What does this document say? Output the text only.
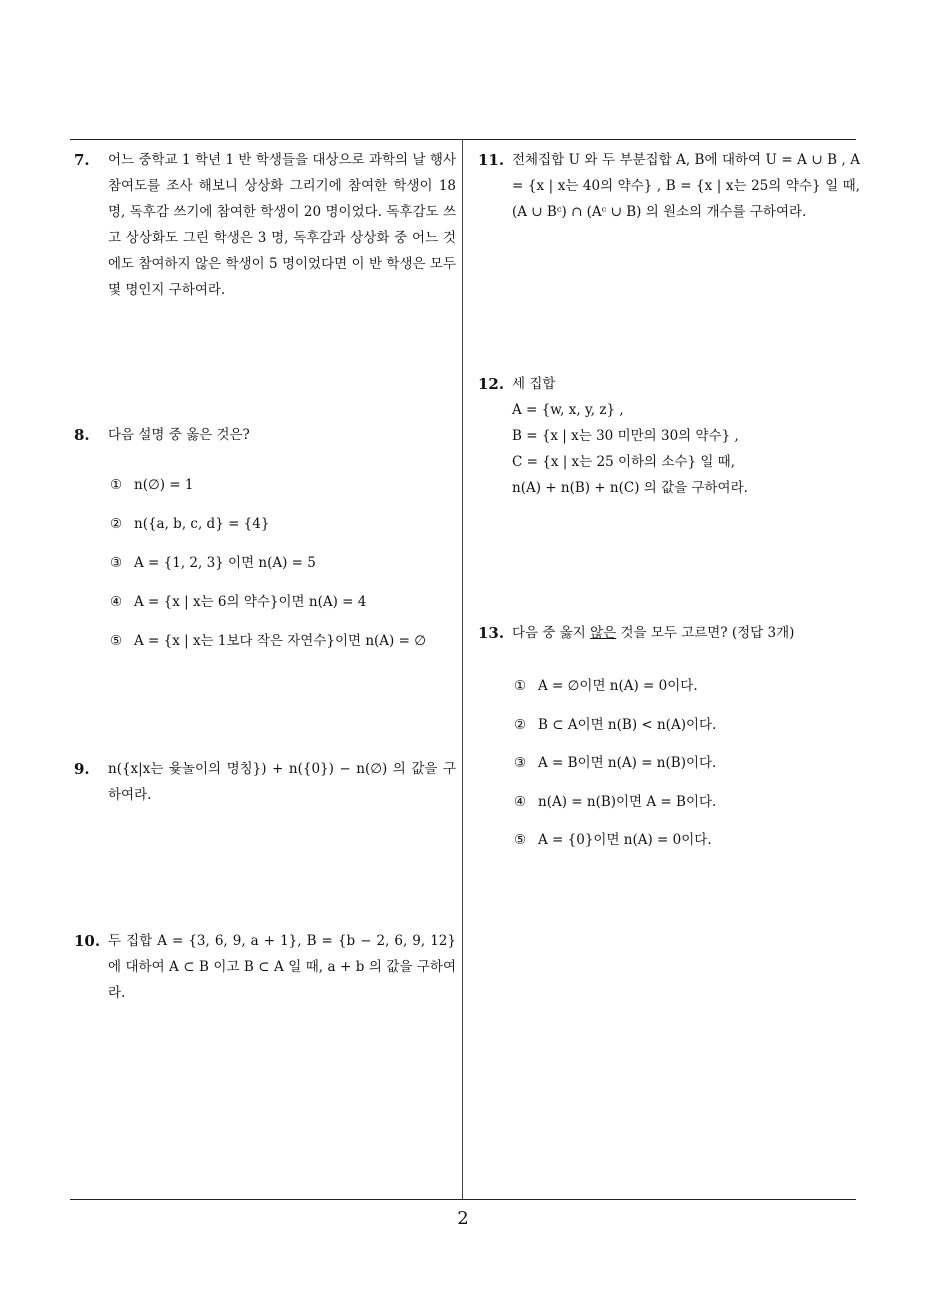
7. 어느 중학교 1 학년 1 반 학생들을 대상으로 과학의 날 행사 참여도를 조사 해보니 상상화 그리기에 참여한 학생이 18 명, 독후감 쓰기에 참여한 학생이 20 명이었다. 독후감도 쓰고 상상화도 그린 학생은 3 명, 독후감과 상상화 중 어느 것에도 참여하지 않은 학생이 5 명이었다면 이 반 학생은 모두 몇 명인지 구하여라.

8. 다음 설명 중 옳은 것은?

① n(∅) = 1
② n({a, b, c, d} = {4}
③ A = {1, 2, 3} 이면 n(A) = 5
④ A = {x | x는 6의 약수}이면 n(A) = 4
⑤ A = {x | x는 1보다 작은 자연수}이면 n(A) = ∅
9. n({x|x는 윷놀이의 명칭}) + n({0}) − n(∅) 의 값을 구하여라.

10. 두 집합 A = {3, 6, 9, a + 1}, B = {b − 2, 6, 9, 12} 에 대하여 A ⊂ B 이고 B ⊂ A 일 때, a + b 의 값을 구하여라.

11. 전체집합 U 와 두 부분집합 A, B에 대하여 U = A ∪ B , A = {x | x는 40의 약수} , B = {x | x는 25의 약수} 일 때, (A ∪ Bᶜ) ∩ (Aᶜ ∪ B) 의 원소의 개수를 구하여라.

12. 세 집합

A = {w, x, y, z} ,

B = {x | x는 30 미만의 30의 약수} ,

C = {x | x는 25 이하의 소수} 일 때,

n(A) + n(B) + n(C) 의 값을 구하여라.

13. 다음 중 옳지 않은 것을 모두 고르면? (정답 3개)

① A = ∅이면 n(A) = 0이다.
② B ⊂ A이면 n(B) < n(A)이다.
③ A = B이면 n(A) = n(B)이다.
④ n(A) = n(B)이면 A = B이다.
⑤ A = {0}이면 n(A) = 0이다.
2
